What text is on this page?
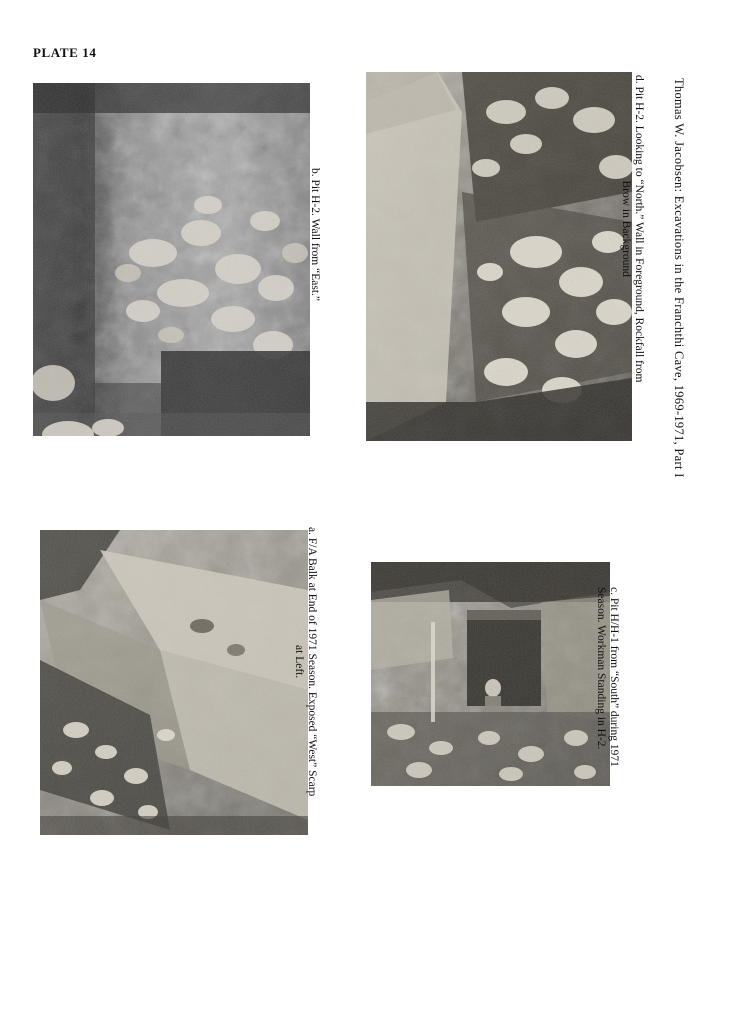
PLATE 14
Thomas W. Jacobsen: Excavations in the Franchthi Cave, 1969-1971, Part I
b. Pit H-2. Wall from “East.”	d. Pit H-2. Looking to “North.” Wall in Foreground, Rockfall from
Brow in Background
a. F/A Balk at End of 1971 Season. Exposed “West” Scarp
at Left.	c. Pit H/H-1 from “South” during 1971
Season. Workman Standing in H-2.
